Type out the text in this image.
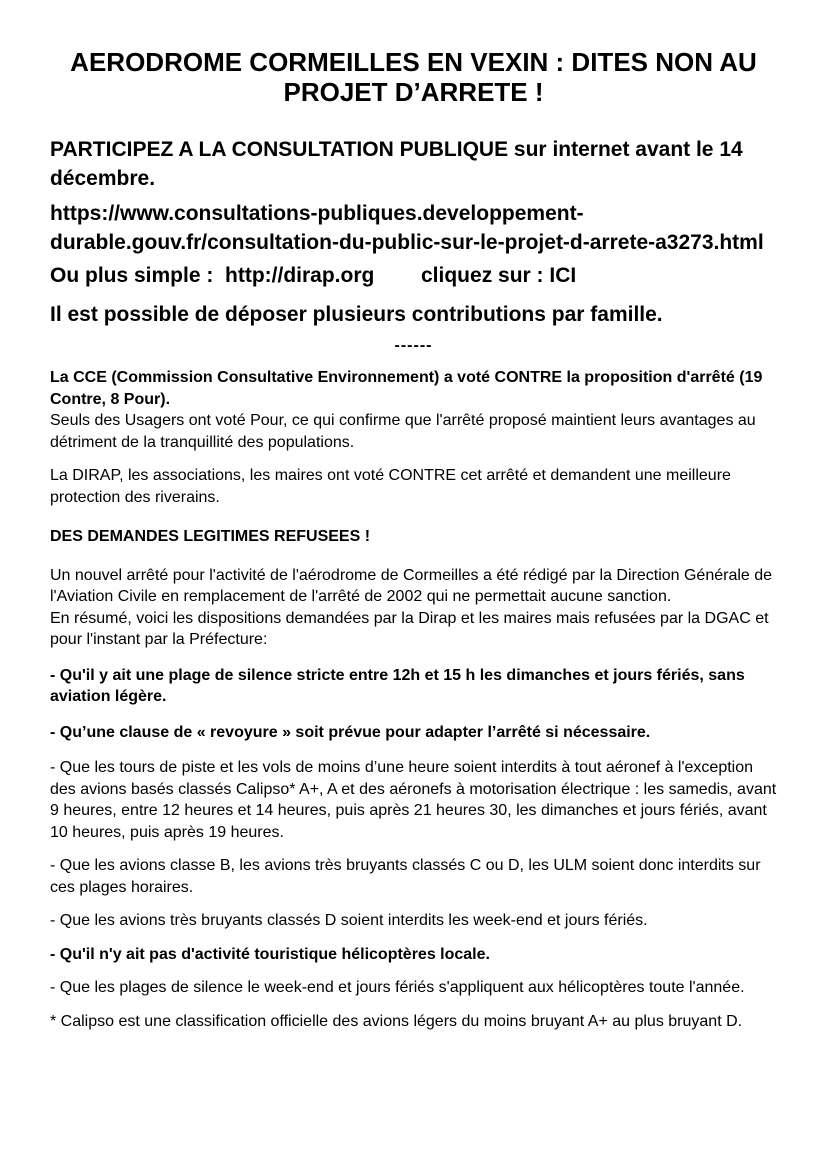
AERODROME CORMEILLES EN VEXIN : DITES NON AU PROJET D’ARRETE !

PARTICIPEZ A LA CONSULTATION PUBLIQUE sur internet avant le 14 décembre.

https://www.consultations-publiques.developpement-
durable.gouv.fr/consultation-du-public-sur-le-projet-d-arrete-a3273.html

Ou plus simple :  http://dirap.org        cliquez sur : ICI

Il est possible de déposer plusieurs contributions par famille.

------

La CCE (Commission Consultative Environnement) a voté CONTRE la proposition d'arrêté (19 Contre, 8 Pour).
Seuls des Usagers ont voté Pour, ce qui confirme que l'arrêté proposé maintient leurs avantages au détriment de la tranquillité des populations.

La DIRAP, les associations, les maires ont voté CONTRE cet arrêté et demandent une meilleure protection des riverains.

DES DEMANDES LEGITIMES REFUSEES !

Un nouvel arrêté pour l'activité de l'aérodrome de Cormeilles a été rédigé par la Direction Générale de l'Aviation Civile en remplacement de l'arrêté de 2002 qui ne permettait aucune sanction.
En résumé, voici les dispositions demandées par la Dirap et les maires mais refusées par la DGAC et pour l'instant par la Préfecture:

- Qu'il y ait une plage de silence stricte entre 12h et 15 h les dimanches et jours fériés, sans aviation légère.

- Qu’une clause de « revoyure » soit prévue pour adapter l’arrêté si nécessaire.

- Que les tours de piste et les vols de moins d’une heure soient interdits à tout aéronef à l'exception des avions basés classés Calipso* A+, A et des aéronefs à motorisation électrique : les samedis, avant 9 heures, entre 12 heures et 14 heures, puis après 21 heures 30, les dimanches et jours fériés, avant 10 heures, puis après 19 heures.

- Que les avions classe B, les avions très bruyants classés C ou D, les ULM soient donc interdits sur ces plages horaires.

- Que les avions très bruyants classés D soient interdits les week-end et jours fériés.

- Qu'il n'y ait pas d'activité touristique hélicoptères locale.

- Que les plages de silence le week-end et jours fériés s'appliquent aux hélicoptères toute l'année.

* Calipso est une classification officielle des avions légers du moins bruyant A+ au plus bruyant D.
